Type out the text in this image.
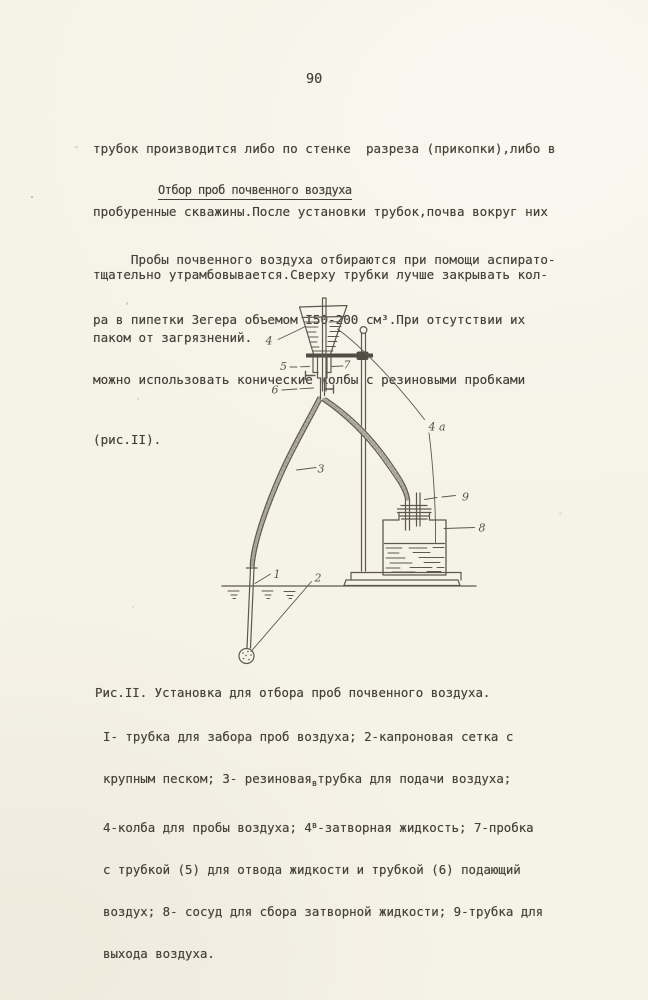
90

трубок производится либо по стенке  разреза (прикопки),либо в

пробуренные скважины.После установки трубок,почва вокруг них

тщательно утрамбовывается.Сверху трубки лучше закрывать кол-

паком от загрязнений.

Отбор проб почвенного воздуха

Пробы почвенного воздуха отбираются при помощи аспирато-

ра в пипетки Зегера объемом I50-200 см³.При отсутствии их

можно использовать конические колбы с резиновыми пробками

(рис.II).

4
5	7
6
4 а
3
9
8
1	2
Рис.II. Установка для отбора проб почвенного воздуха.

I- трубка для забора проб воздуха; 2-капроновая сетка с

крупным песком; 3- резиновая$_в$трубка для подачи воздуха;

4-колба для пробы воздуха; $4^в$-затворная жидкость; 7-пробка

с трубкой (5) для отвода жидкости и трубкой (6) подающий

воздух; 8- сосуд для сбора затворной жидкости; 9-трубка для

выхода воздуха.
